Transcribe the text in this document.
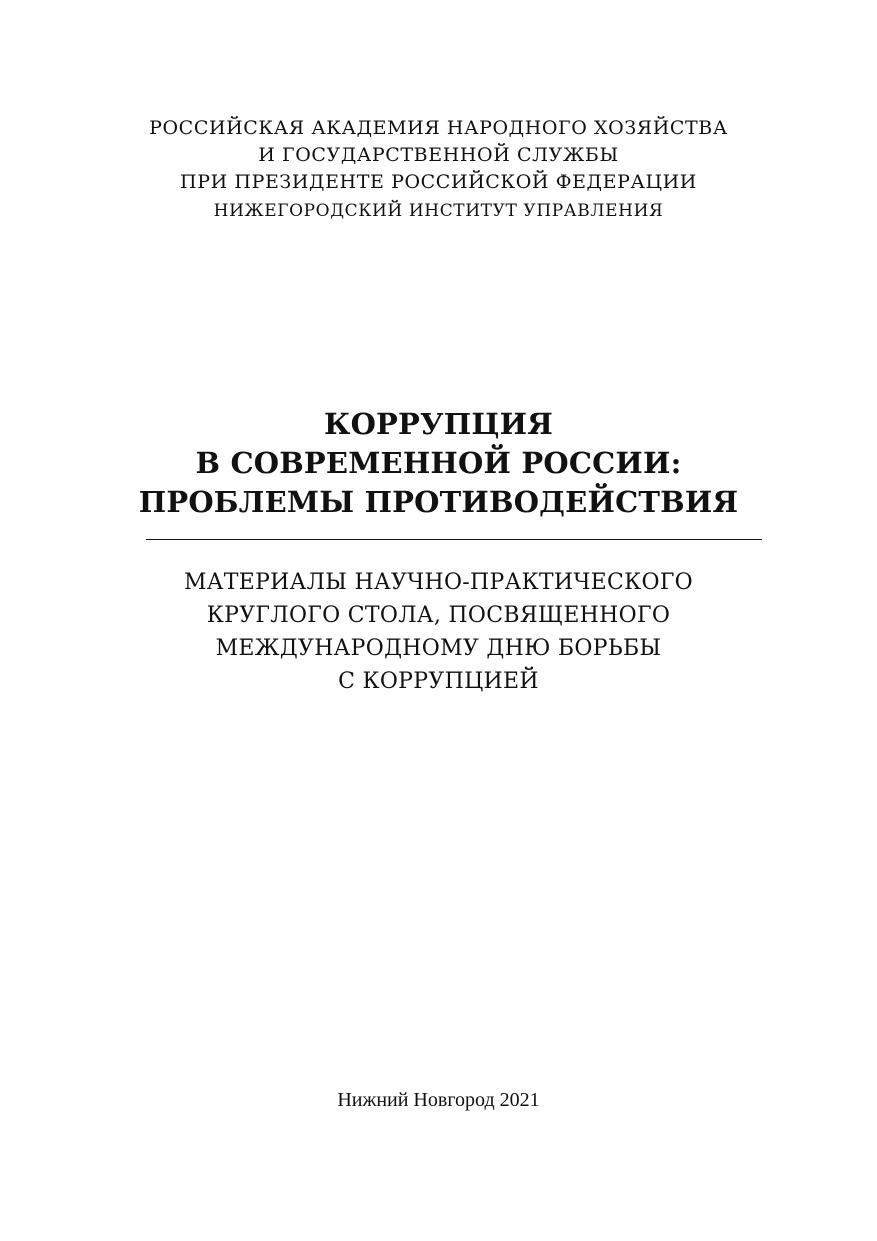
РОССИЙСКАЯ АКАДЕМИЯ НАРОДНОГО ХОЗЯЙСТВА
И ГОСУДАРСТВЕННОЙ СЛУЖБЫ
ПРИ ПРЕЗИДЕНТЕ РОССИЙСКОЙ ФЕДЕРАЦИИ
НИЖЕГОРОДСКИЙ ИНСТИТУТ УПРАВЛЕНИЯ
КОРРУПЦИЯ
В СОВРЕМЕННОЙ РОССИИ:
ПРОБЛЕМЫ ПРОТИВОДЕЙСТВИЯ
МАТЕРИАЛЫ НАУЧНО-ПРАКТИЧЕСКОГО
КРУГЛОГО СТОЛА, ПОСВЯЩЕННОГО
МЕЖДУНАРОДНОМУ ДНЮ БОРЬБЫ
С КОРРУПЦИЕЙ
Нижний Новгород 2021
